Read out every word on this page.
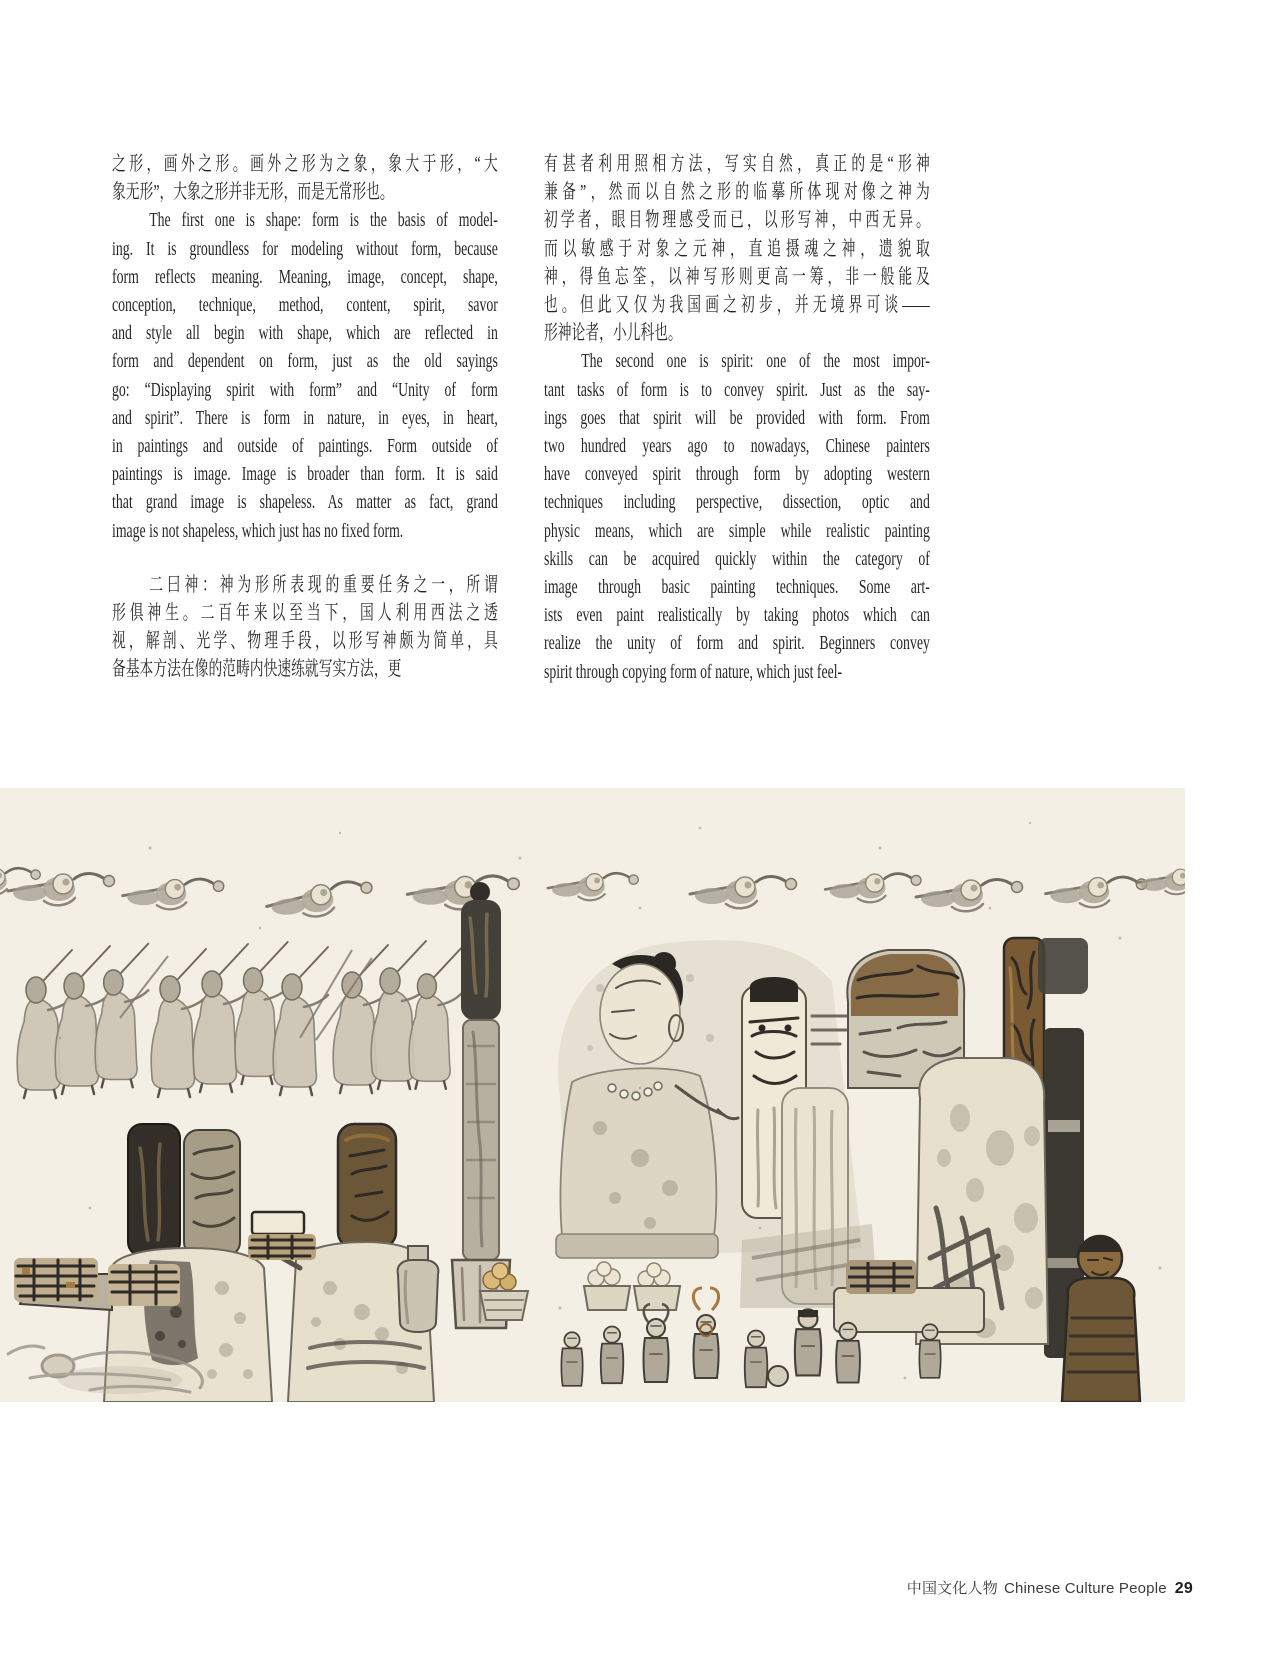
之形，画外之形。画外之形为之象，象大于形，“大
象无形”，大象之形并非无形，而是无常形也。
The first one is shape: form is the basis of model-
ing. It is groundless for modeling without form, because
form reflects meaning. Meaning, image, concept, shape,
conception, technique, method, content, spirit, savor
and style all begin with shape, which are reflected in
form and dependent on form, just as the old sayings
go: “Displaying spirit with form” and “Unity of form
and spirit”. There is form in nature, in eyes, in heart,
in paintings and outside of paintings. Form outside of
paintings is image. Image is broader than form. It is said
that grand image is shapeless. As matter as fact, grand
image is not shapeless, which just has no fixed form.
二曰神：神为形所表现的重要任务之一，所谓
形俱神生。二百年来以至当下，国人利用西法之透
视，解剖、光学、物理手段，以形写神颇为简单，具
备基本方法在像的范畴内快速练就写实方法，更
有甚者利用照相方法，写实自然，真正的是“形神
兼备”，然而以自然之形的临摹所体现对像之神为
初学者，眼目物理感受而已，以形写神，中西无异。
而以敏感于对象之元神，直追摄魂之神，遗貌取
神，得鱼忘筌，以神写形则更高一筹，非一般能及
也。但此又仅为我国画之初步，并无境界可谈——
形神论者，小儿科也。
The second one is spirit: one of the most impor-
tant tasks of form is to convey spirit. Just as the say-
ings goes that spirit will be provided with form. From
two hundred years ago to nowadays, Chinese painters
have conveyed spirit through form by adopting western
techniques including perspective, dissection, optic and
physic means, which are simple while realistic painting
skills can be acquired quickly within the category of
image through basic painting techniques. Some art-
ists even paint realistically by taking photos which can
realize the unity of form and spirit. Beginners convey
spirit through copying form of nature, which just feel-
中国文化人物 Chinese Culture People 29
